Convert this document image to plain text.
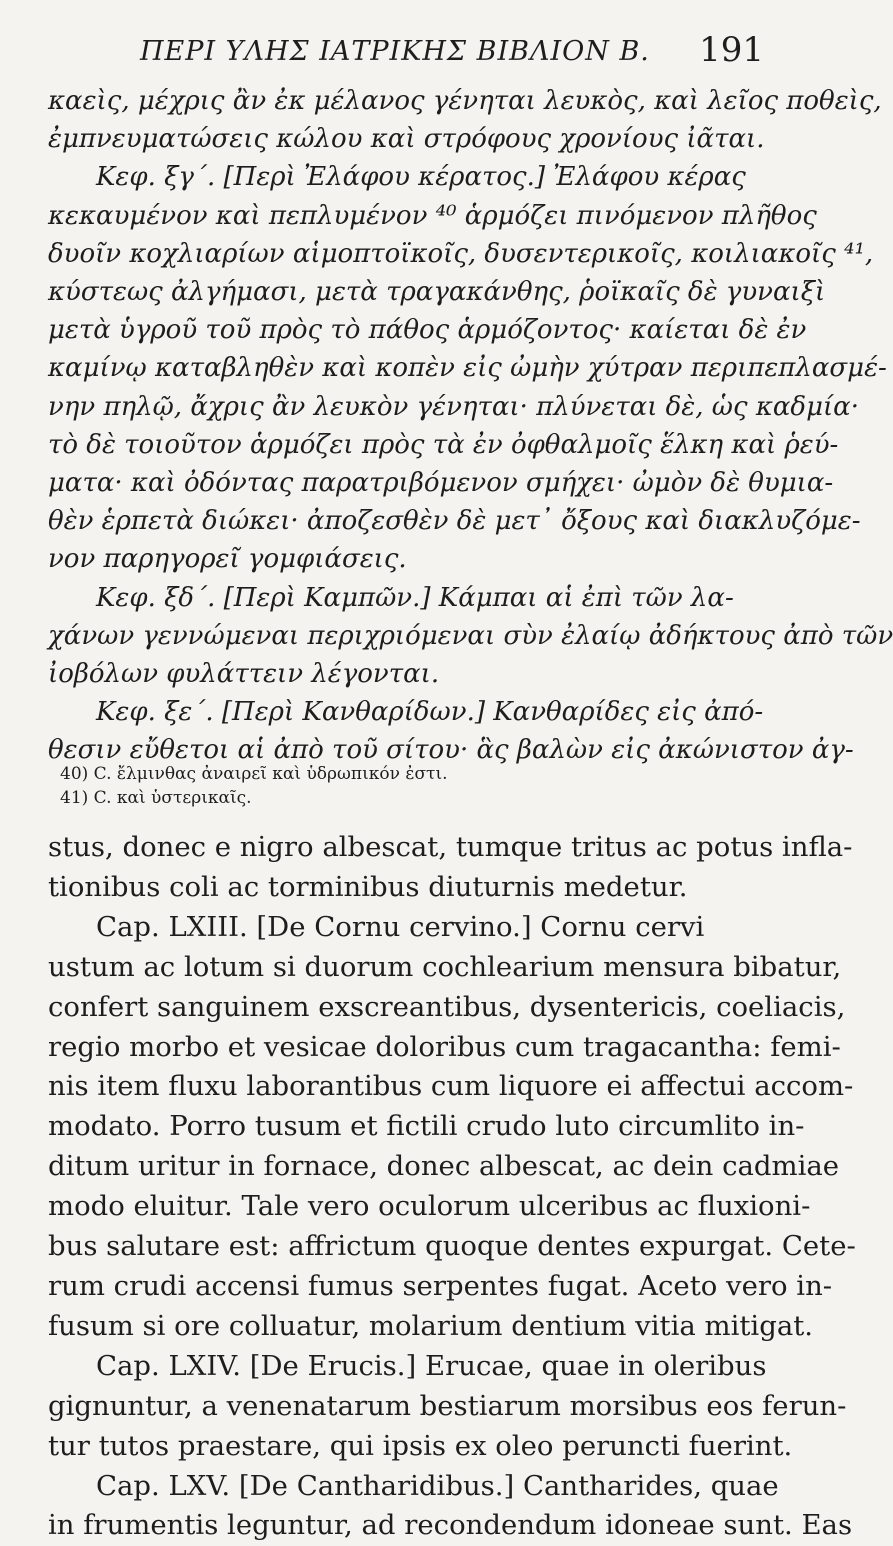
ΠΕΡΙ ΥΛΗΣ ΙΑΤΡΙΚΗΣ ΒΙΒΛΙΟΝ Β. 191
καεὶς, μέχρις ἂν ἐκ μέλανος γένηται λευκὸς, καὶ λεῖος ποθεὶς,
ἐμπνευματώσεις κώλου καὶ στρόφους χρονίους ἰᾶται.
Κεφ. ξγ΄. [Περὶ Ἐλάφου κέρατος.] Ἐλάφου κέρας
κεκαυμένον καὶ πεπλυμένον ⁴⁰ ἁρμόζει πινόμενον πλῆθος
δυοῖν κοχλιαρίων αἱμοπτοϊκοῖς, δυσεντερικοῖς, κοιλιακοῖς ⁴¹,
κύστεως ἀλγήμασι, μετὰ τραγακάνθης, ῥοϊκαῖς δὲ γυναιξὶ
μετὰ ὑγροῦ τοῦ πρὸς τὸ πάθος ἁρμόζοντος· καίεται δὲ ἐν
καμίνῳ καταβληθὲν καὶ κοπὲν εἰς ὠμὴν χύτραν περιπεπλασμέ-
νην πηλῷ, ἄχρις ἂν λευκὸν γένηται· πλύνεται δὲ, ὡς καδμία·
τὸ δὲ τοιοῦτον ἁρμόζει πρὸς τὰ ἐν ὀφθαλμοῖς ἕλκη καὶ ῥεύ-
ματα· καὶ ὀδόντας παρατριβόμενον σμήχει· ὠμὸν δὲ θυμια-
θὲν ἑρπετὰ διώκει· ἀποζεσθὲν δὲ μετ᾽ ὄξους καὶ διακλυζόμε-
νον παρηγορεῖ γομφιάσεις.
Κεφ. ξδ΄. [Περὶ Καμπῶν.] Κάμπαι αἱ ἐπὶ τῶν λα-
χάνων γεννώμεναι περιχριόμεναι σὺν ἐλαίῳ ἀδήκτους ἀπὸ τῶν
ἰοβόλων φυλάττειν λέγονται.
Κεφ. ξε΄. [Περὶ Κανθαρίδων.] Κανθαρίδες εἰς ἀπό-
θεσιν εὔθετοι αἱ ἀπὸ τοῦ σίτου· ἃς βαλὼν εἰς ἀκώνιστον ἀγ-
40) C. ἔλμινθας ἀναιρεῖ καὶ ὑδρωπικόν ἐστι.
41) C. καὶ ὑστερικαῖς.
stus, donec e nigro albescat, tumque tritus ac potus infla-
tionibus coli ac torminibus diuturnis medetur.
Cap. LXIII. [De Cornu cervino.] Cornu cervi
ustum ac lotum si duorum cochlearium mensura bibatur,
confert sanguinem exscreantibus, dysentericis, coeliacis,
regio morbo et vesicae doloribus cum tragacantha: femi-
nis item fluxu laborantibus cum liquore ei affectui accom-
modato. Porro tusum et fictili crudo luto circumlito in-
ditum uritur in fornace, donec albescat, ac dein cadmiae
modo eluitur. Tale vero oculorum ulceribus ac fluxioni-
bus salutare est: affrictum quoque dentes expurgat. Cete-
rum crudi accensi fumus serpentes fugat. Aceto vero in-
fusum si ore colluatur, molarium dentium vitia mitigat.
Cap. LXIV. [De Erucis.] Erucae, quae in oleribus
gignuntur, a venenatarum bestiarum morsibus eos ferun-
tur tutos praestare, qui ipsis ex oleo peruncti fuerint.
Cap. LXV. [De Cantharidibus.] Cantharides, quae
in frumentis leguntur, ad recondendum idoneae sunt. Eas
